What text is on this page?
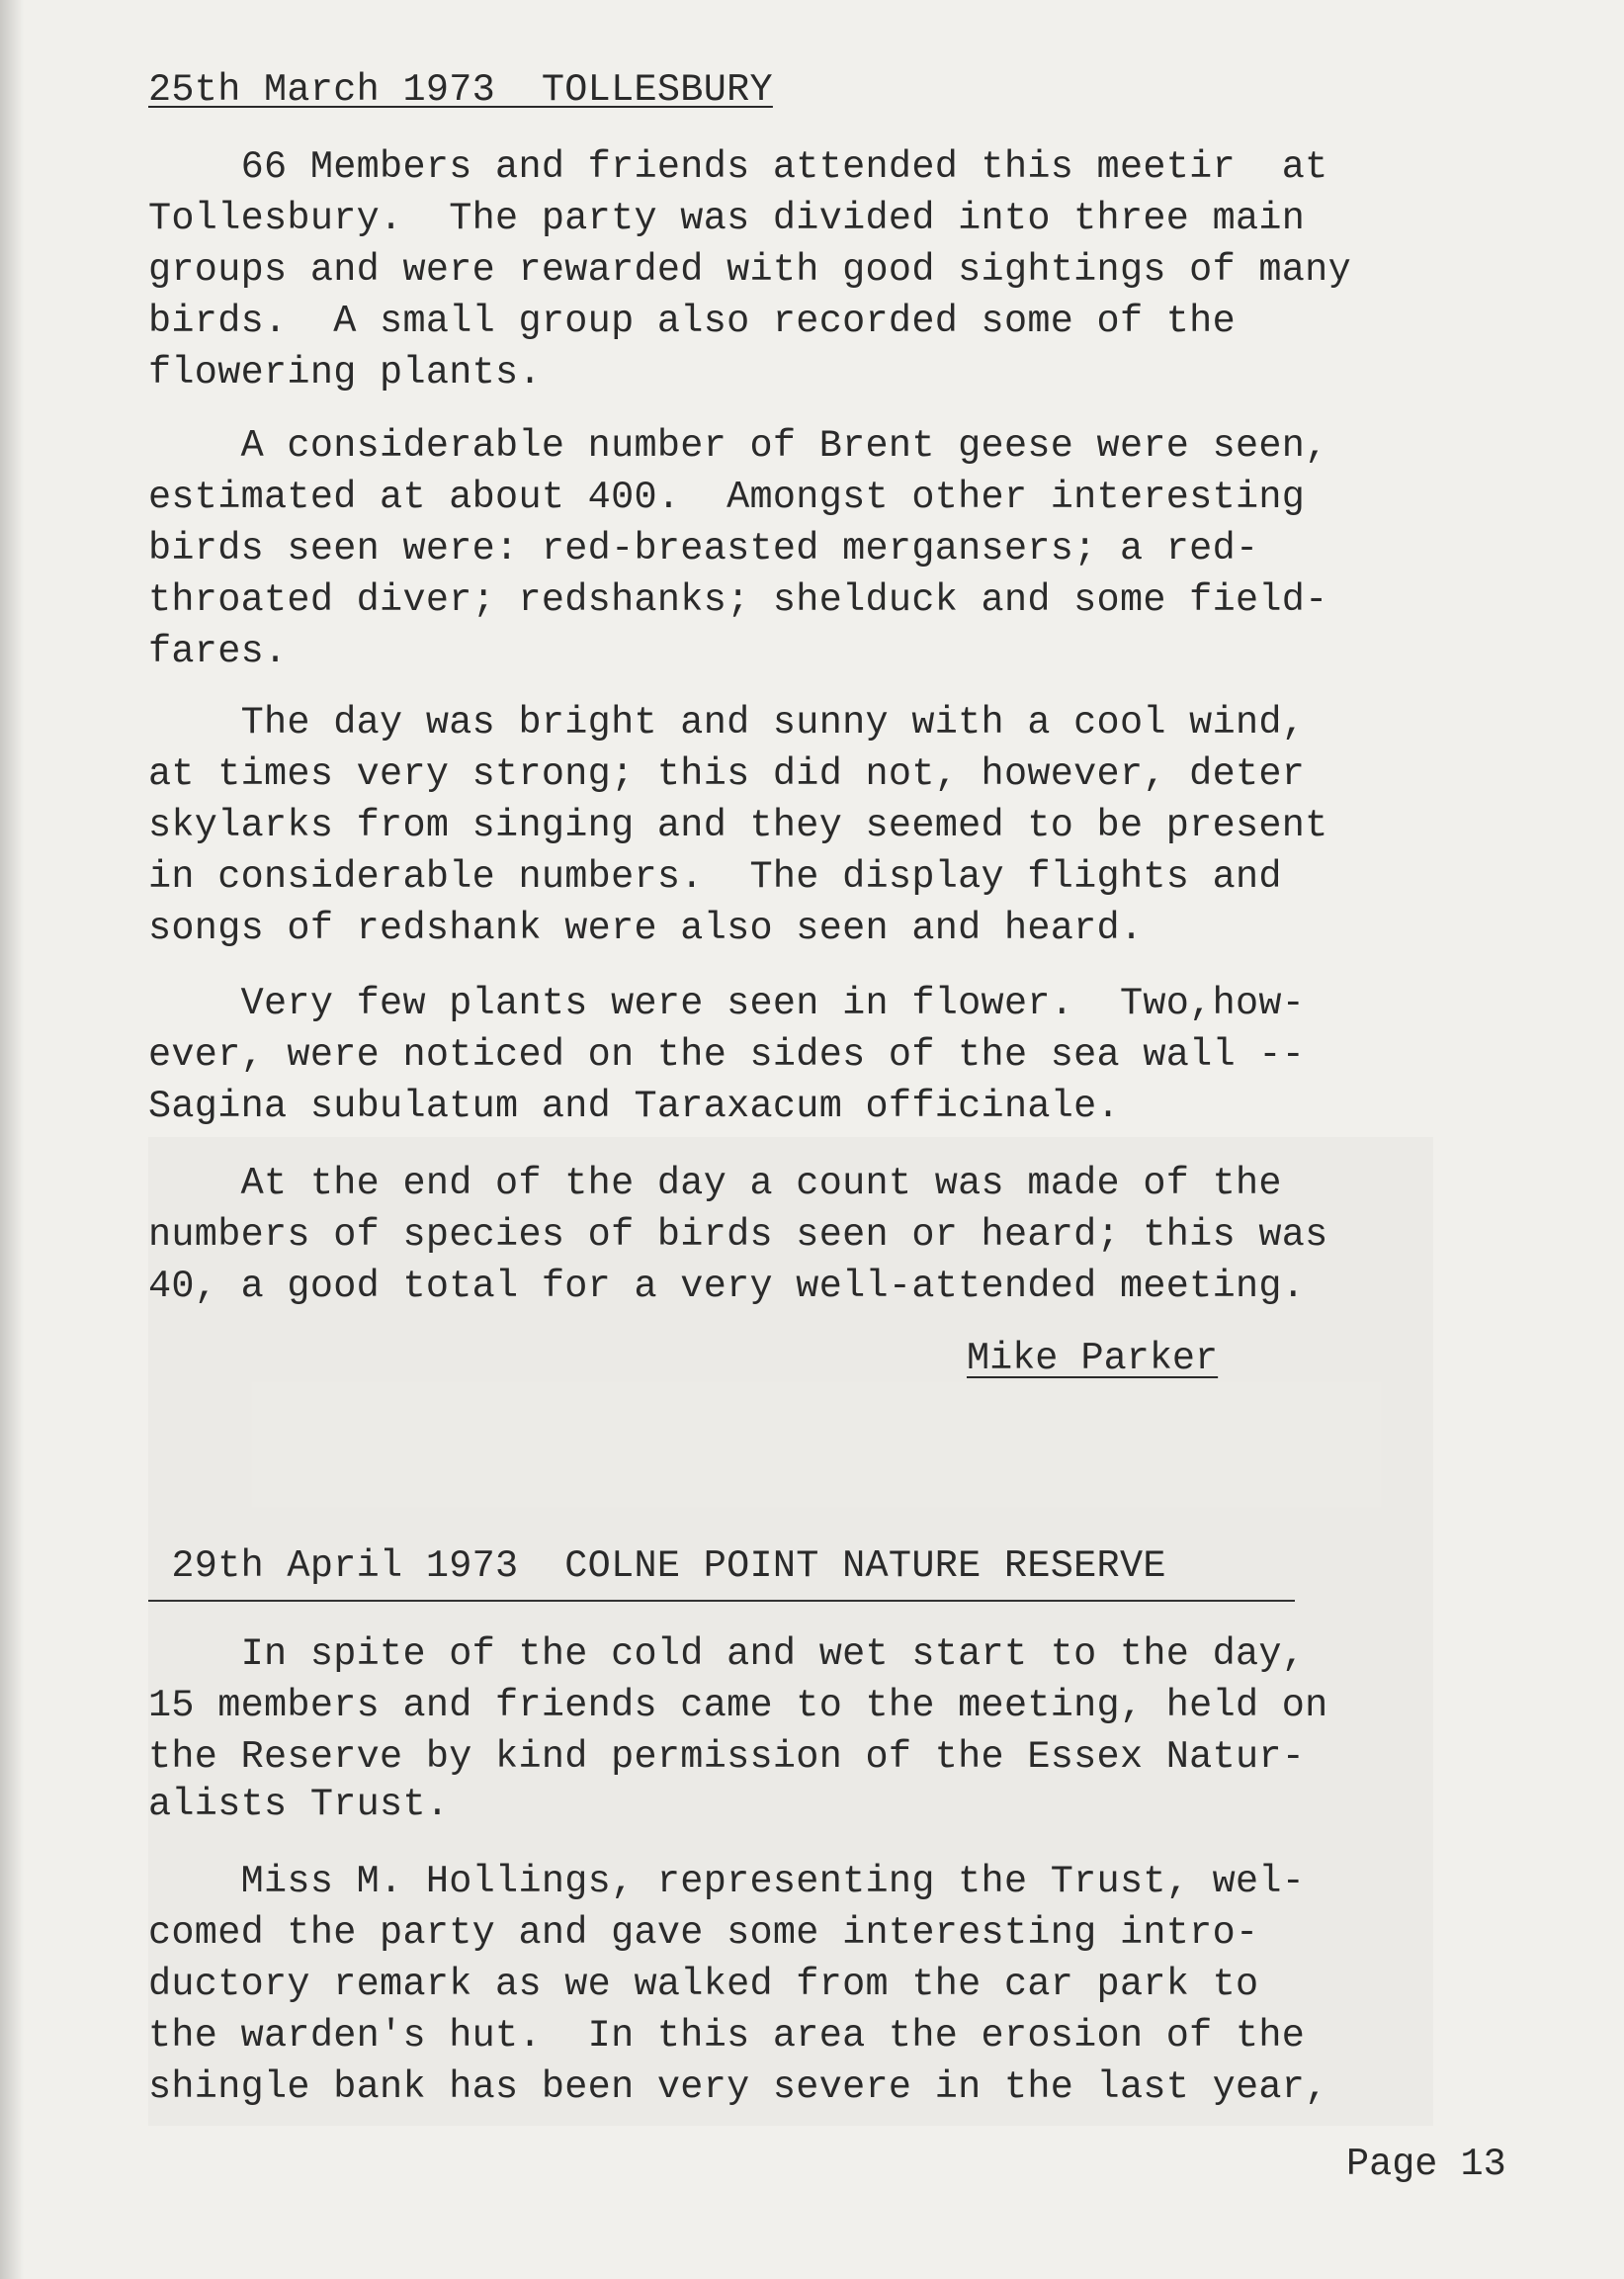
25th March 1973  TOLLESBURY
66 Members and friends attended this meetir  at
Tollesbury.  The party was divided into three main
groups and were rewarded with good sightings of many
birds.  A small group also recorded some of the
flowering plants.
A considerable number of Brent geese were seen,
estimated at about 400.  Amongst other interesting
birds seen were: red-breasted mergansers; a red-
throated diver; redshanks; shelduck and some field-
fares.
The day was bright and sunny with a cool wind,
at times very strong; this did not, however, deter
skylarks from singing and they seemed to be present
in considerable numbers.  The display flights and
songs of redshank were also seen and heard.
Very few plants were seen in flower.  Two,how-
ever, were noticed on the sides of the sea wall --
Sagina subulatum and Taraxacum officinale.
At the end of the day a count was made of the
numbers of species of birds seen or heard; this was
40, a good total for a very well-attended meeting.
Mike Parker
29th April 1973  COLNE POINT NATURE RESERVE
In spite of the cold and wet start to the day,
15 members and friends came to the meeting, held on
the Reserve by kind permission of the Essex Natur-
alists Trust.
Miss M. Hollings, representing the Trust, wel-
comed the party and gave some interesting intro-
ductory remark as we walked from the car park to
the warden's hut.  In this area the erosion of the
shingle bank has been very severe in the last year,
Page 13
